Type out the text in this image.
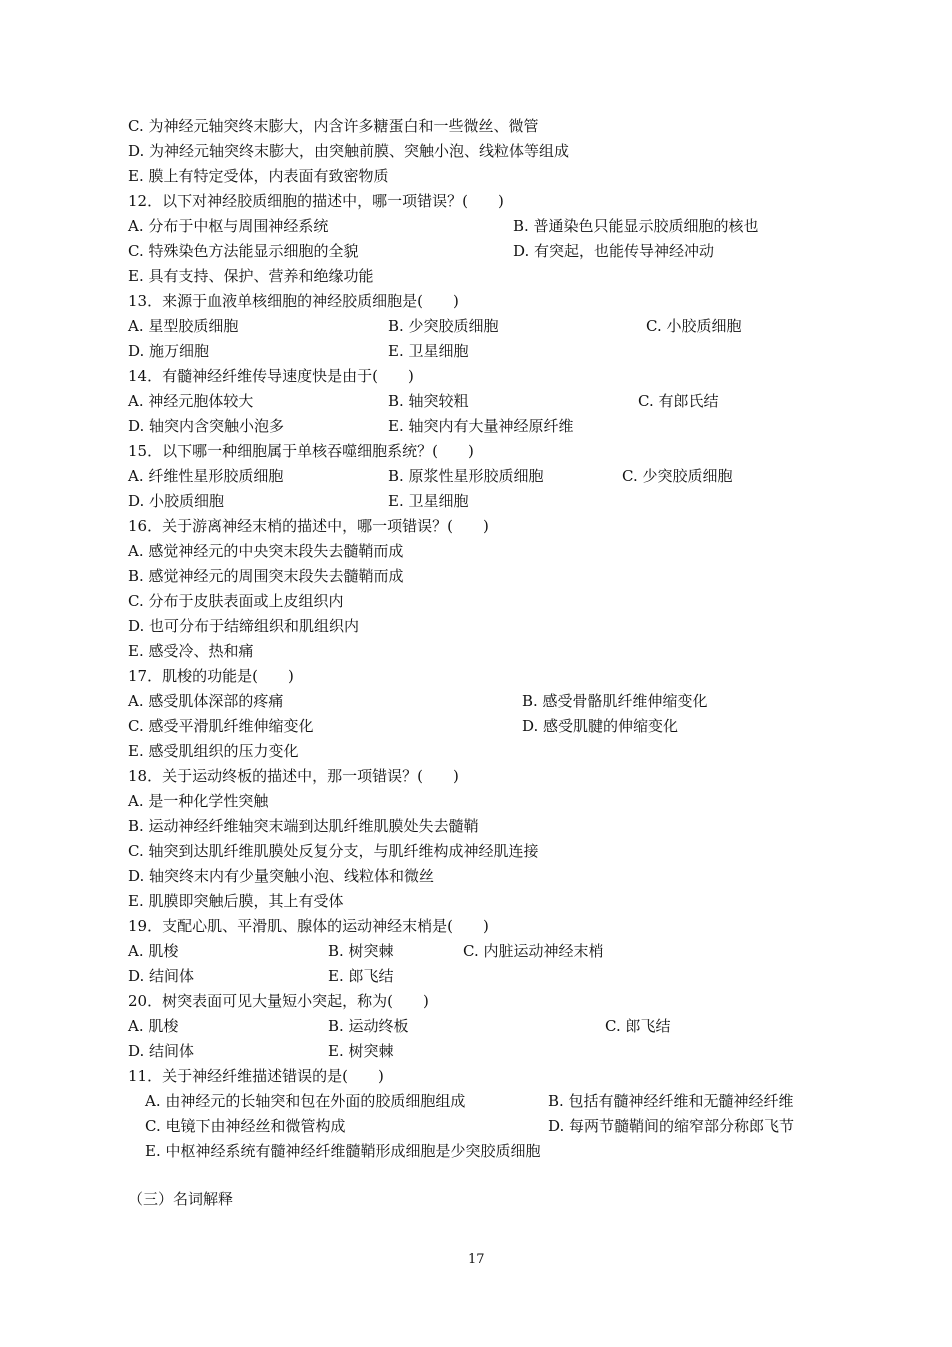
C. 为神经元轴突终末膨大，内含许多糖蛋白和一些微丝、微管
D. 为神经元轴突终末膨大，由突触前膜、突触小泡、线粒体等组成
E. 膜上有特定受体，内表面有致密物质
12．以下对神经胶质细胞的描述中，哪一项错误？(　　)
A. 分布于中枢与周围神经系统	B. 普通染色只能显示胶质细胞的核也
C. 特殊染色方法能显示细胞的全貌	D. 有突起，也能传导神经冲动
E. 具有支持、保护、营养和绝缘功能
13．来源于血液单核细胞的神经胶质细胞是(　　)
A. 星型胶质细胞	B. 少突胶质细胞	C. 小胶质细胞
D. 施万细胞	E. 卫星细胞
14．有髓神经纤维传导速度快是由于(　　)
A. 神经元胞体较大	B. 轴突较粗	C. 有郎氏结
D. 轴突内含突触小泡多	E. 轴突内有大量神经原纤维
15．以下哪一种细胞属于单核吞噬细胞系统？(　　)
A. 纤维性星形胶质细胞	B. 原浆性星形胶质细胞	C. 少突胶质细胞
D. 小胶质细胞	E. 卫星细胞
16．关于游离神经末梢的描述中，哪一项错误？(　　)
A. 感觉神经元的中央突末段失去髓鞘而成
B. 感觉神经元的周围突末段失去髓鞘而成
C. 分布于皮肤表面或上皮组织内
D. 也可分布于结缔组织和肌组织内
E. 感受冷、热和痛
17．肌梭的功能是(　　)
A. 感受肌体深部的疼痛	B. 感受骨骼肌纤维伸缩变化
C. 感受平滑肌纤维伸缩变化	D. 感受肌腱的伸缩变化
E. 感受肌组织的压力变化
18．关于运动终板的描述中，那一项错误？(　　)
A. 是一种化学性突触
B. 运动神经纤维轴突末端到达肌纤维肌膜处失去髓鞘
C. 轴突到达肌纤维肌膜处反复分支，与肌纤维构成神经肌连接
D. 轴突终末内有少量突触小泡、线粒体和微丝
E. 肌膜即突触后膜，其上有受体
19．支配心肌、平滑肌、腺体的运动神经末梢是(　　)
A. 肌梭	B. 树突棘	C. 内脏运动神经末梢
D. 结间体	E. 郎飞结
20．树突表面可见大量短小突起，称为(　　)
A. 肌梭	B. 运动终板	C. 郎飞结
D. 结间体	E. 树突棘
11．关于神经纤维描述错误的是(　　)
A. 由神经元的长轴突和包在外面的胶质细胞组成	B. 包括有髓神经纤维和无髓神经纤维
C. 电镜下由神经丝和微管构成	D. 每两节髓鞘间的缩窄部分称郎飞节
E. 中枢神经系统有髓神经纤维髓鞘形成细胞是少突胶质细胞
（三）名词解释
17
